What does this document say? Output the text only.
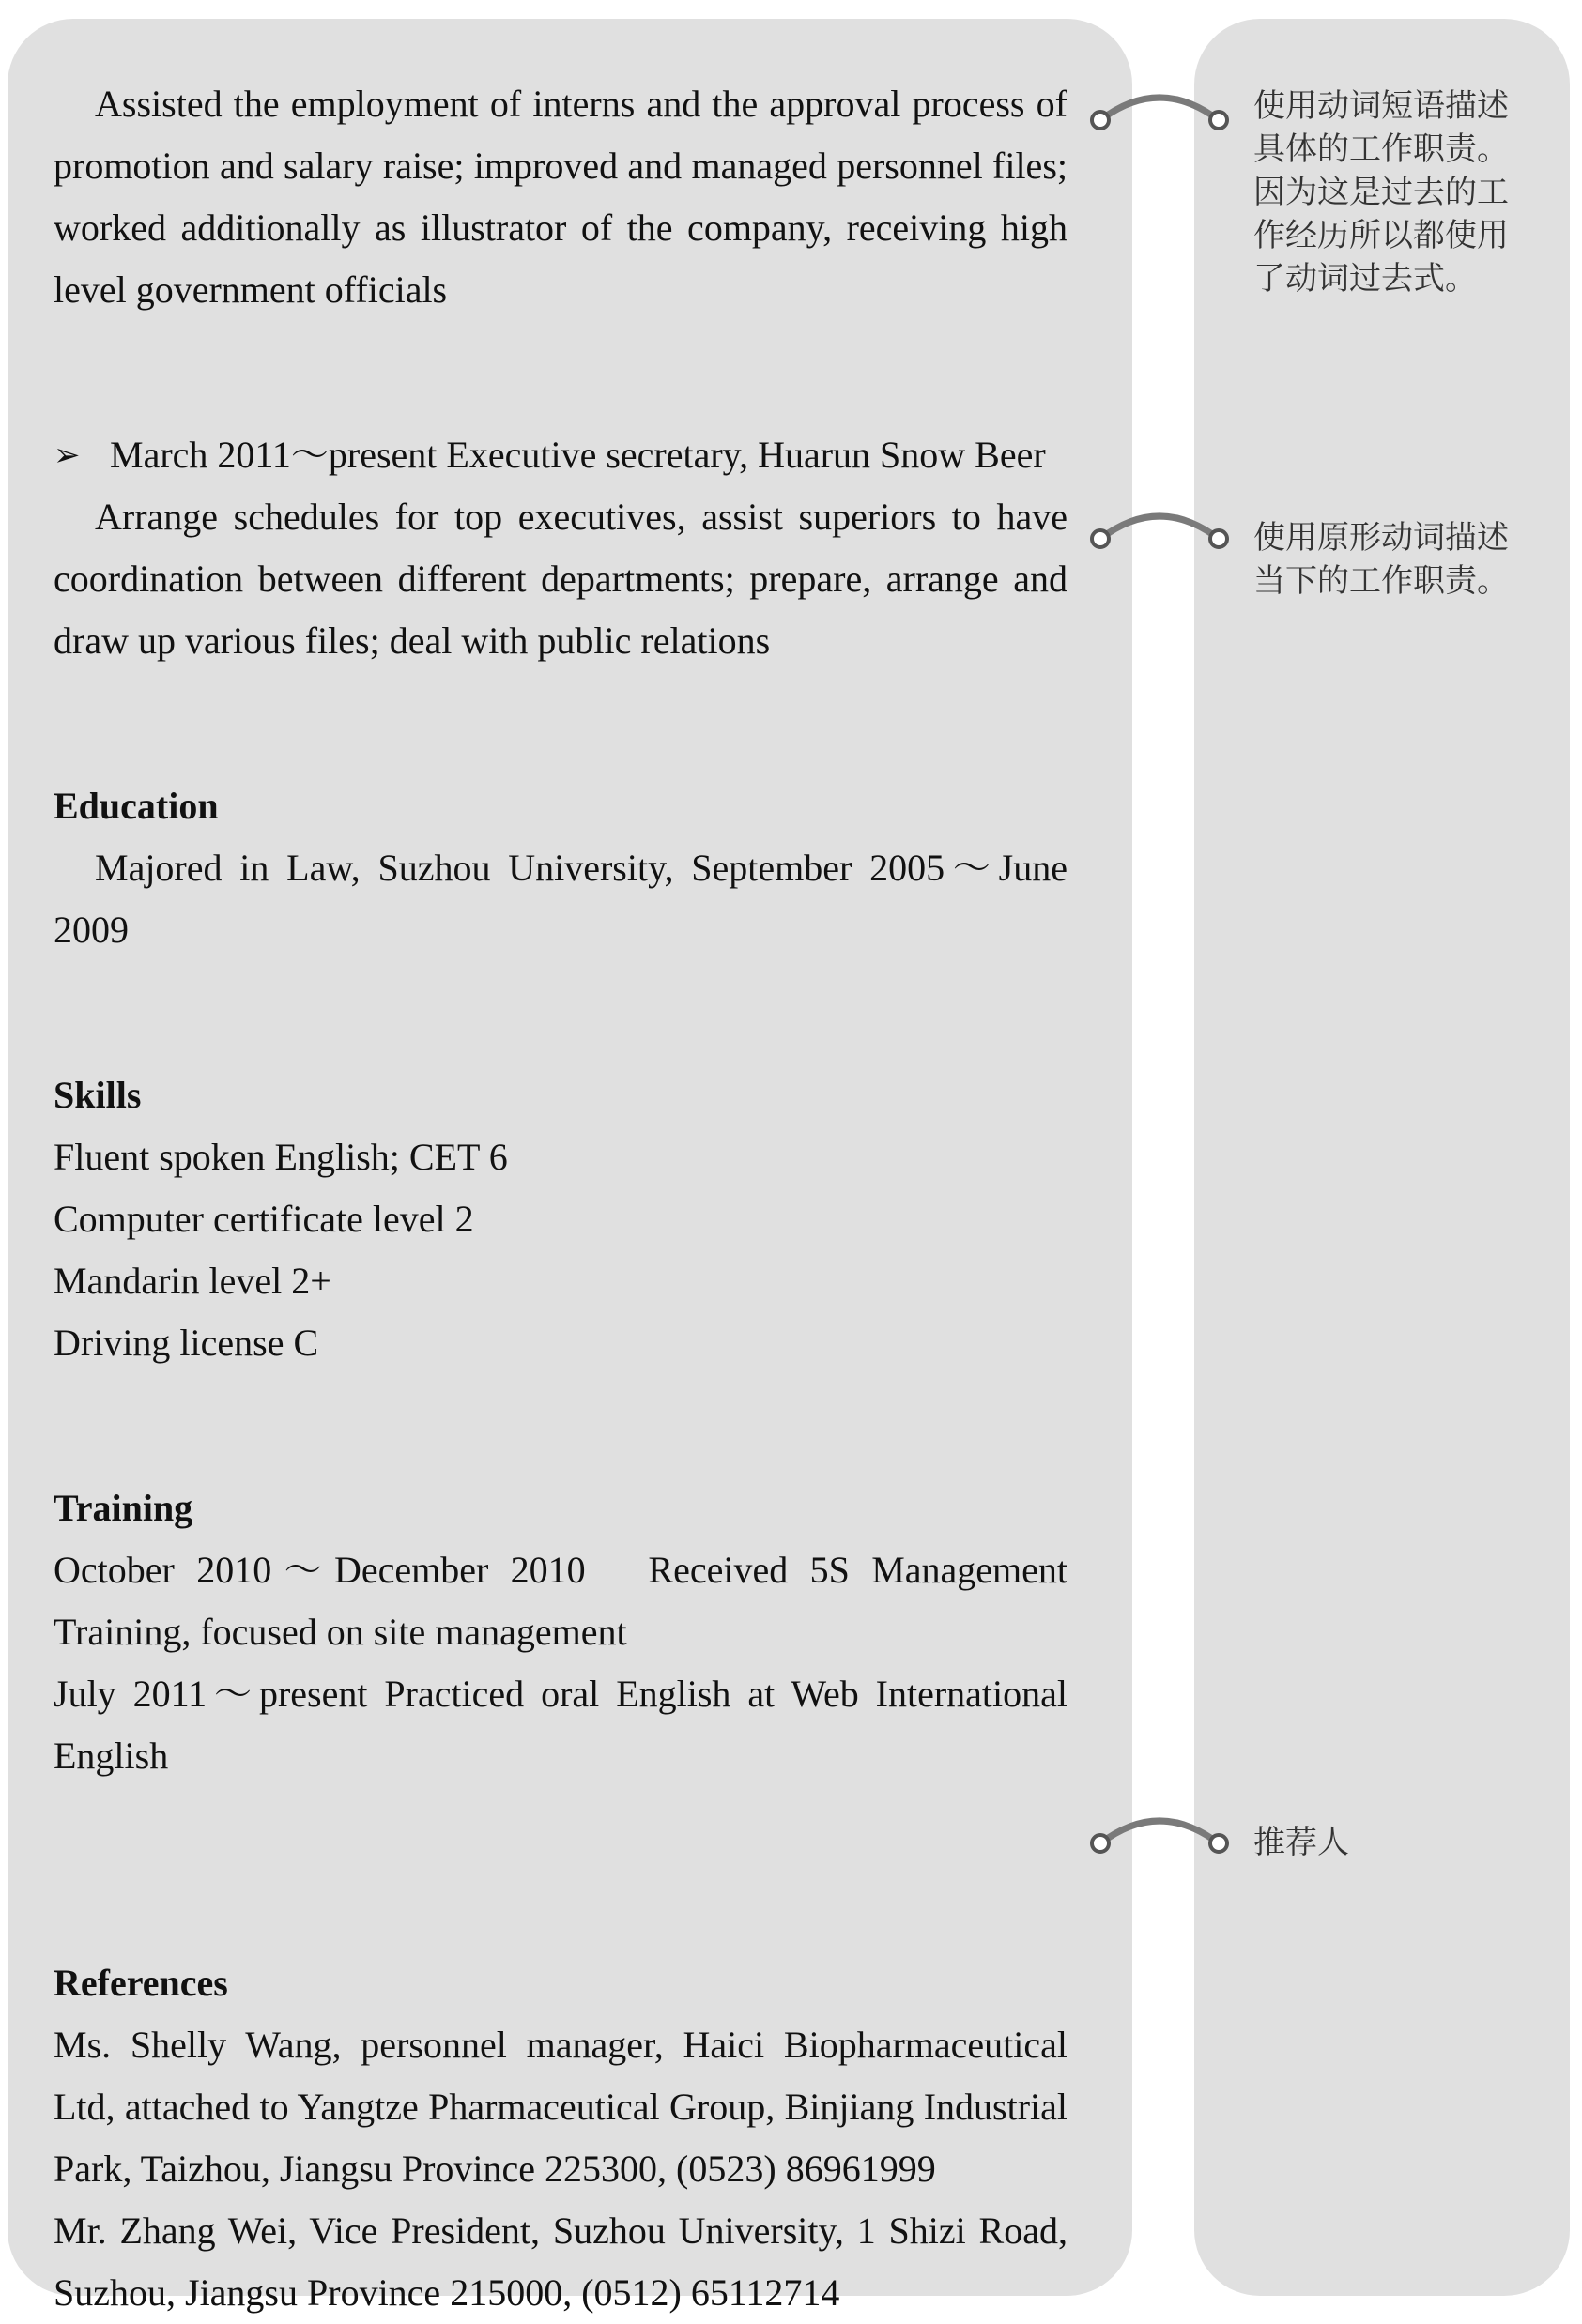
Assisted the employment of interns and the approval process of promotion and salary raise; improved and managed personnel files; worked additionally as illustrator of the company, receiving high level government officials

➢ March 2011～present Executive secretary, Huarun Snow Beer

Arrange schedules for top executives, assist superiors to have coordination between different departments; prepare, arrange and draw up various files; deal with public relations

Education

Majored in Law, Suzhou University, September 2005～June 2009

Skills

Fluent spoken English; CET 6

Computer certificate level 2

Mandarin level 2+

Driving license C

Training

October 2010～December 2010　Received 5S Management Training, focused on site management

July 2011～present Practiced oral English at Web International English

References

Ms. Shelly Wang, personnel manager, Haici Biopharmaceutical Ltd, attached to Yangtze Pharmaceutical Group, Binjiang Industrial Park, Taizhou, Jiangsu Province 225300, (0523) 86961999

Mr. Zhang Wei, Vice President, Suzhou University, 1 Shizi Road, Suzhou, Jiangsu Province 215000, (0512) 65112714

使用动词短语描述具体的工作职责。因为这是过去的工作经历所以都使用了动词过去式。
使用原形动词描述当下的工作职责。
推荐人
